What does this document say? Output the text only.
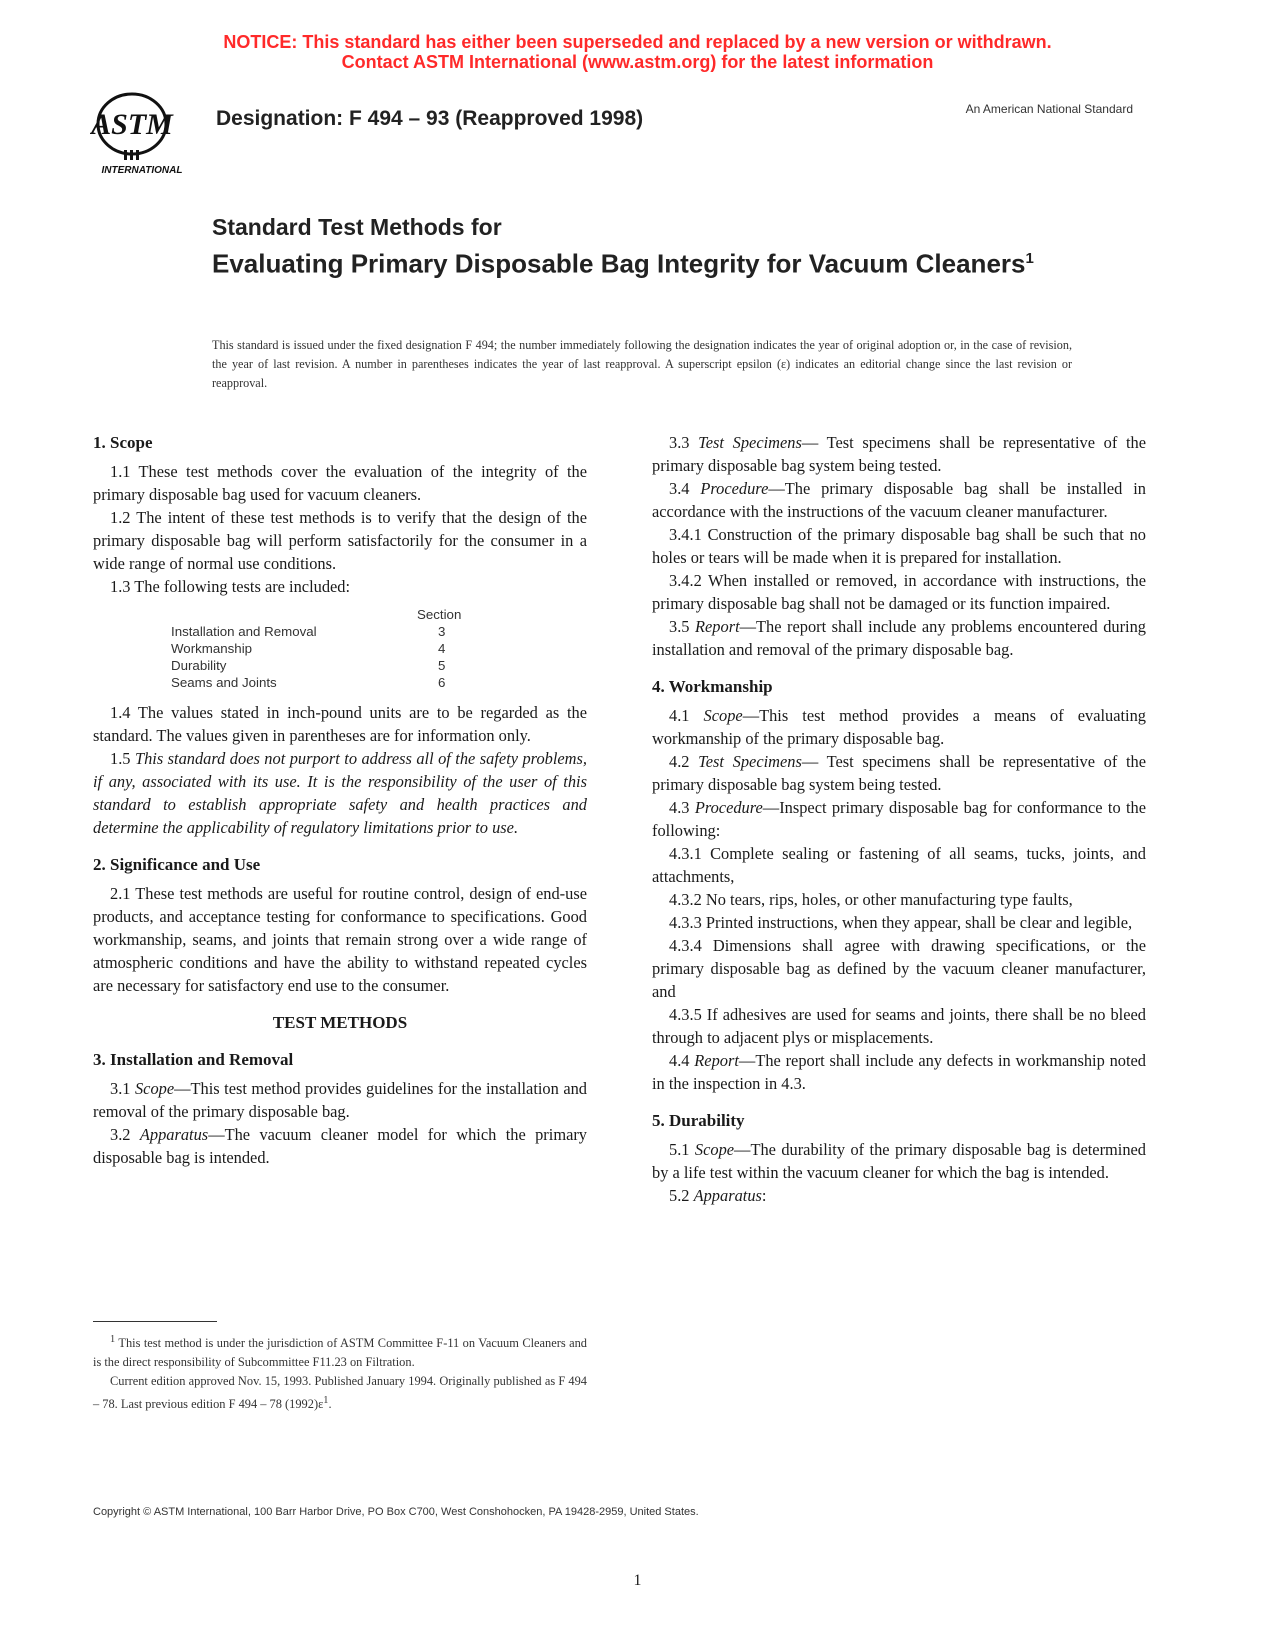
NOTICE: This standard has either been superseded and replaced by a new version or withdrawn.
Contact ASTM International (www.astm.org) for the latest information
ASTM
INTERNATIONAL
Designation: F 494 – 93 (Reapproved 1998)	An American National Standard
Standard Test Methods for
Evaluating Primary Disposable Bag Integrity for Vacuum Cleaners$^1$
This standard is issued under the fixed designation F 494; the number immediately following the designation indicates the year of original adoption or, in the case of revision, the year of last revision. A number in parentheses indicates the year of last reapproval. A superscript epsilon (ε) indicates an editorial change since the last revision or reapproval.
1. Scope

1.1 These test methods cover the evaluation of the integrity of the primary disposable bag used for vacuum cleaners.

1.2 The intent of these test methods is to verify that the design of the primary disposable bag will perform satisfactorily for the consumer in a wide range of normal use conditions.

1.3 The following tests are included:

	Section
Installation and Removal	3
Workmanship	4
Durability	5
Seams and Joints	6

1.4 The values stated in inch-pound units are to be regarded as the standard. The values given in parentheses are for information only.

1.5 This standard does not purport to address all of the safety problems, if any, associated with its use. It is the responsibility of the user of this standard to establish appropriate safety and health practices and determine the applicability of regulatory limitations prior to use.

2. Significance and Use

2.1 These test methods are useful for routine control, design of end-use products, and acceptance testing for conformance to specifications. Good workmanship, seams, and joints that remain strong over a wide range of atmospheric conditions and have the ability to withstand repeated cycles are necessary for satisfactory end use to the consumer.

TEST METHODS
3. Installation and Removal

3.1 Scope—This test method provides guidelines for the installation and removal of the primary disposable bag.

3.2 Apparatus—The vacuum cleaner model for which the primary disposable bag is intended.

3.3 Test Specimens— Test specimens shall be representative of the primary disposable bag system being tested.

3.4 Procedure—The primary disposable bag shall be installed in accordance with the instructions of the vacuum cleaner manufacturer.

3.4.1 Construction of the primary disposable bag shall be such that no holes or tears will be made when it is prepared for installation.

3.4.2 When installed or removed, in accordance with instructions, the primary disposable bag shall not be damaged or its function impaired.

3.5 Report—The report shall include any problems encountered during installation and removal of the primary disposable bag.

4. Workmanship

4.1 Scope—This test method provides a means of evaluating workmanship of the primary disposable bag.

4.2 Test Specimens— Test specimens shall be representative of the primary disposable bag system being tested.

4.3 Procedure—Inspect primary disposable bag for conformance to the following:

4.3.1 Complete sealing or fastening of all seams, tucks, joints, and attachments,

4.3.2 No tears, rips, holes, or other manufacturing type faults,

4.3.3 Printed instructions, when they appear, shall be clear and legible,

4.3.4 Dimensions shall agree with drawing specifications, or the primary disposable bag as defined by the vacuum cleaner manufacturer, and

4.3.5 If adhesives are used for seams and joints, there shall be no bleed through to adjacent plys or misplacements.

4.4 Report—The report shall include any defects in workmanship noted in the inspection in 4.3.

5. Durability

5.1 Scope—The durability of the primary disposable bag is determined by a life test within the vacuum cleaner for which the bag is intended.

5.2 Apparatus:

$^1$ This test method is under the jurisdiction of ASTM Committee F-11 on Vacuum Cleaners and is the direct responsibility of Subcommittee F11.23 on Filtration.

Current edition approved Nov. 15, 1993. Published January 1994. Originally published as F 494 – 78. Last previous edition F 494 – 78 $(1992)\varepsilon^1$.

Copyright © ASTM International, 100 Barr Harbor Drive, PO Box C700, West Conshohocken, PA 19428-2959, United States.
1
